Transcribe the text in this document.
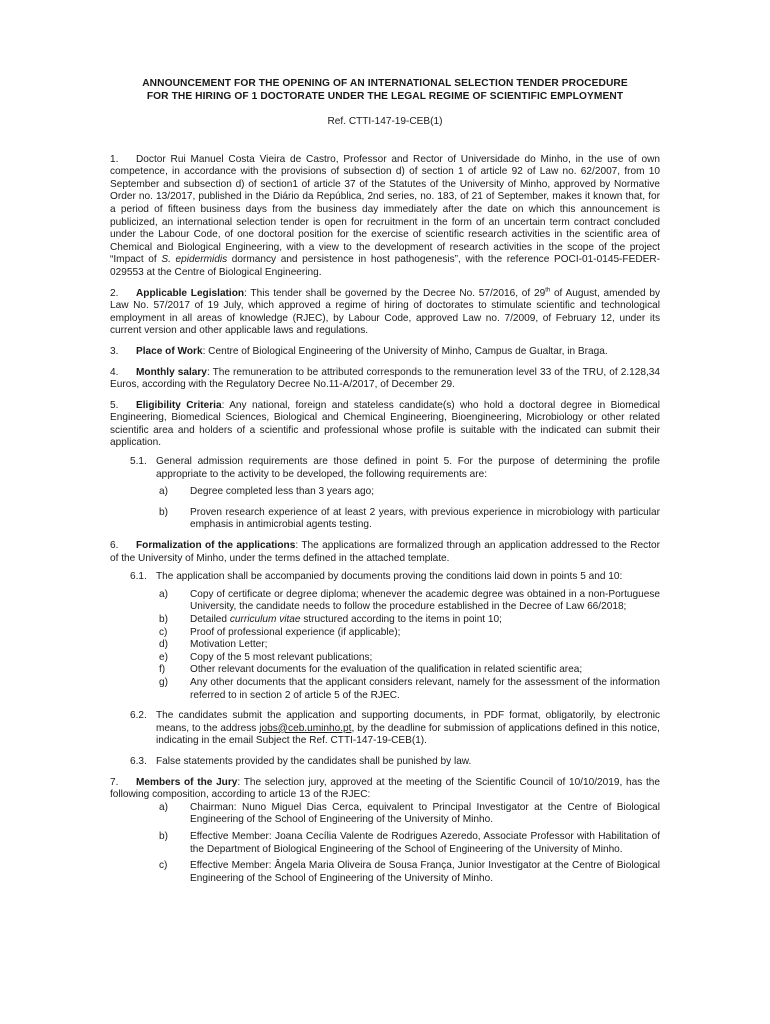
ANNOUNCEMENT FOR THE OPENING OF AN INTERNATIONAL SELECTION TENDER PROCEDURE
FOR THE HIRING OF 1 DOCTORATE UNDER THE LEGAL REGIME OF SCIENTIFIC EMPLOYMENT
Ref. CTTI-147-19-CEB(1)

1. Doctor Rui Manuel Costa Vieira de Castro, Professor and Rector of Universidade do Minho, in the use of own competence, in accordance with the provisions of subsection d) of section 1 of article 92 of Law no. 62/2007, from 10 September and subsection d) of section1 of article 37 of the Statutes of the University of Minho, approved by Normative Order no. 13/2017, published in the Diário da República, 2nd series, no. 183, of 21 of September, makes it known that, for a period of fifteen business days from the business day immediately after the date on which this announcement is publicized, an international selection tender is open for recruitment in the form of an uncertain term contract concluded under the Labour Code, of one doctoral position for the exercise of scientific research activities in the scientific area of Chemical and Biological Engineering, with a view to the development of research activities in the scope of the project “Impact of S. epidermidis dormancy and persistence in host pathogenesis”, with the reference POCI-01-0145-FEDER-029553 at the Centre of Biological Engineering.

2. Applicable Legislation: This tender shall be governed by the Decree No. 57/2016, of 29th of August, amended by Law No. 57/2017 of 19 July, which approved a regime of hiring of doctorates to stimulate scientific and technological employment in all areas of knowledge (RJEC), by Labour Code, approved Law no. 7/2009, of February 12, under its current version and other applicable laws and regulations.

3. Place of Work: Centre of Biological Engineering of the University of Minho, Campus de Gualtar, in Braga.

4. Monthly salary: The remuneration to be attributed corresponds to the remuneration level 33 of the TRU, of 2.128,34 Euros, according with the Regulatory Decree No.11-A/2017, of December 29.

5. Eligibility Criteria: Any national, foreign and stateless candidate(s) who hold a doctoral degree in Biomedical Engineering, Biomedical Sciences, Biological and Chemical Engineering, Bioengineering, Microbiology or other related scientific area and holders of a scientific and professional whose profile is suitable with the indicated can submit their application.

5.1. General admission requirements are those defined in point 5. For the purpose of determining the profile appropriate to the activity to be developed, the following requirements are:

a) Degree completed less than 3 years ago;

b) Proven research experience of at least 2 years, with previous experience in microbiology with particular emphasis in antimicrobial agents testing.

6. Formalization of the applications: The applications are formalized through an application addressed to the Rector of the University of Minho, under the terms defined in the attached template.

6.1. The application shall be accompanied by documents proving the conditions laid down in points 5 and 10:

a) Copy of certificate or degree diploma; whenever the academic degree was obtained in a non-Portuguese University, the candidate needs to follow the procedure established in the Decree of Law 66/2018;

b) Detailed curriculum vitae structured according to the items in point 10;

c) Proof of professional experience (if applicable);

d) Motivation Letter;

e) Copy of the 5 most relevant publications;

f) Other relevant documents for the evaluation of the qualification in related scientific area;

g) Any other documents that the applicant considers relevant, namely for the assessment of the information referred to in section 2 of article 5 of the RJEC.

6.2. The candidates submit the application and supporting documents, in PDF format, obligatorily, by electronic means, to the address jobs@ceb.uminho.pt, by the deadline for submission of applications defined in this notice, indicating in the email Subject the Ref. CTTI-147-19-CEB(1).

6.3. False statements provided by the candidates shall be punished by law.

7. Members of the Jury: The selection jury, approved at the meeting of the Scientific Council of 10/10/2019, has the following composition, according to article 13 of the RJEC:

a) Chairman: Nuno Miguel Dias Cerca, equivalent to Principal Investigator at the Centre of Biological Engineering of the School of Engineering of the University of Minho.

b) Effective Member: Joana Cecília Valente de Rodrigues Azeredo, Associate Professor with Habilitation of the Department of Biological Engineering of the School of Engineering of the University of Minho.

c) Effective Member: Ângela Maria Oliveira de Sousa França, Junior Investigator at the Centre of Biological Engineering of the School of Engineering of the University of Minho.
